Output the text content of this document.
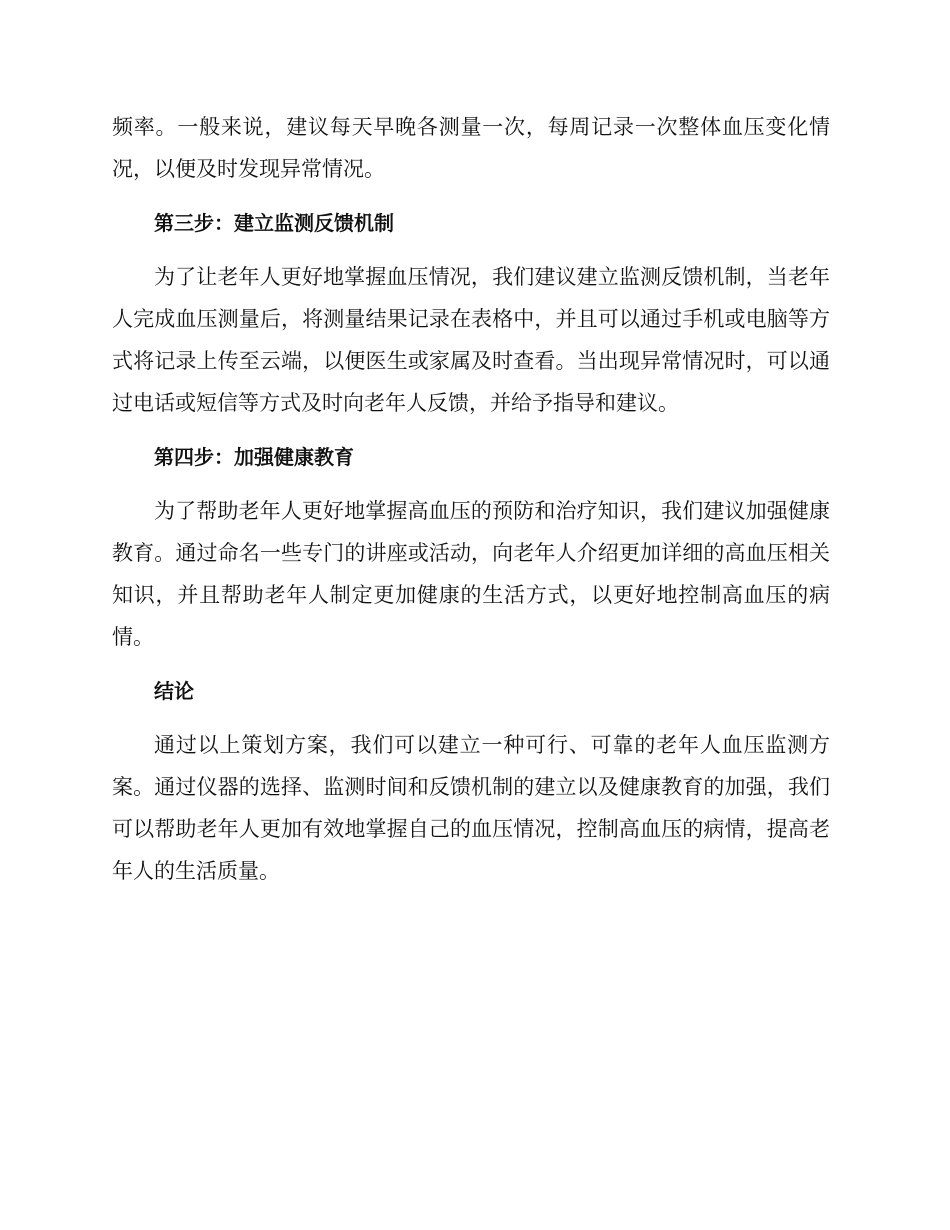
频率。一般来说，建议每天早晚各测量一次，每周记录一次整体血压变化情况，以便及时发现异常情况。

第三步：建立监测反馈机制

为了让老年人更好地掌握血压情况，我们建议建立监测反馈机制，当老年人完成血压测量后，将测量结果记录在表格中，并且可以通过手机或电脑等方式将记录上传至云端，以便医生或家属及时查看。当出现异常情况时，可以通过电话或短信等方式及时向老年人反馈，并给予指导和建议。

第四步：加强健康教育

为了帮助老年人更好地掌握高血压的预防和治疗知识，我们建议加强健康教育。通过命名一些专门的讲座或活动，向老年人介绍更加详细的高血压相关知识，并且帮助老年人制定更加健康的生活方式，以更好地控制高血压的病情。

结论

通过以上策划方案，我们可以建立一种可行、可靠的老年人血压监测方案。通过仪器的选择、监测时间和反馈机制的建立以及健康教育的加强，我们可以帮助老年人更加有效地掌握自己的血压情况，控制高血压的病情，提高老年人的生活质量。
